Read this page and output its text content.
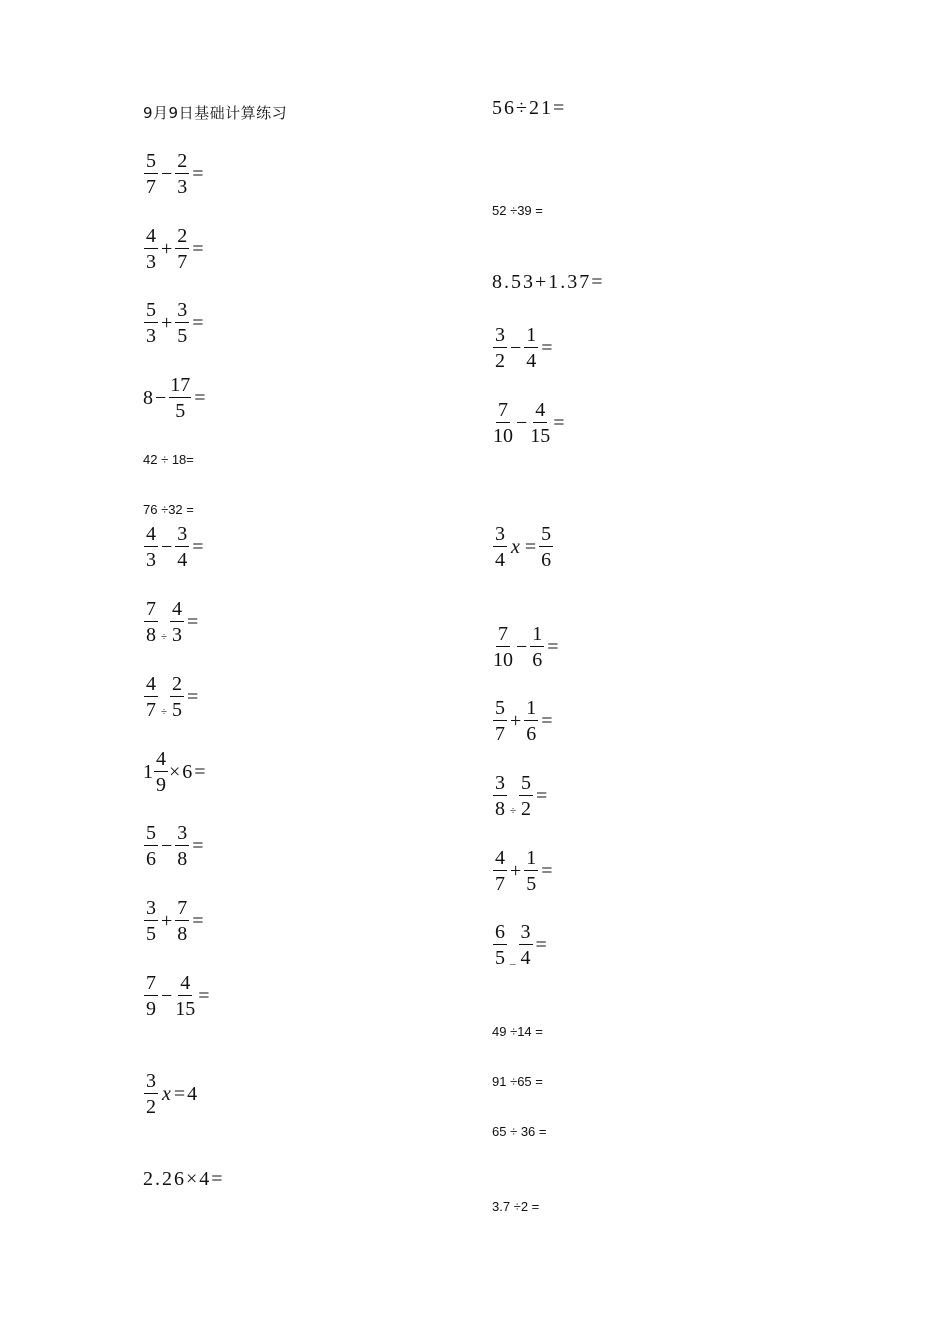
9月9日基础计算练习
$\frac{5}{7} - \frac{2}{3}$ =
$\frac{4}{3} + \frac{2}{7}$ =
$\frac{5}{3} + \frac{3}{5}$ =
$8 - \frac{17}{5}$ =
42 ÷ 18=
76 ÷32 =
$\frac{4}{3} - \frac{3}{4}$ =
$\frac{7}{8} \div \frac{4}{3}$ =
$\frac{4}{7} \div \frac{2}{5}$ =
$1 \frac{4}{9} \times 6=$
$\frac{5}{6} - \frac{3}{8}$ =
$\frac{3}{5} + \frac{7}{8}$ =
$\frac{7}{9} - \frac{4}{15}$ =
$\frac{3}{2}$ x =4
2.26×4=
56÷21=
52 ÷39 =
8.53+1.37=
$\frac{3}{2} - \frac{1}{4}$ =
$\frac{7}{10} - \frac{4}{15}$ =
$\frac{3}{4}$ $x = \frac{5}{6}$
$\frac{7}{10} - \frac{1}{6}$ =
$\frac{5}{7} + \frac{1}{6}$ =
$\frac{3}{8} \div \frac{5}{2}$ =
$\frac{4}{7} + \frac{1}{5}$ =
$\frac{6}{5}$ _ $\frac{3}{4}$ =
49 ÷14 =
91 ÷65 =
65 ÷ 36 =
3.7 ÷2 =
